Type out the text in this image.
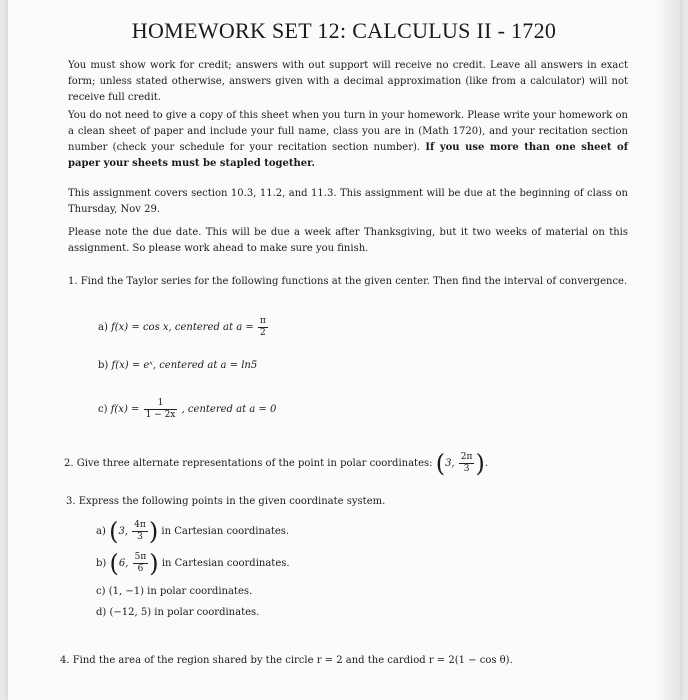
HOMEWORK SET 12: CALCULUS II - 1720

You must show work for credit; answers with out support will receive no credit. Leave all answers in exact form; unless stated otherwise, answers given with a decimal approximation (like from a calculator) will not receive full credit.

You do not need to give a copy of this sheet when you turn in your homework. Please write your homework on a clean sheet of paper and include your full name, class you are in (Math 1720), and your recitation section number (check your schedule for your recitation section number). If you use more than one sheet of paper your sheets must be stapled together.

This assignment covers section 10.3, 11.2, and 11.3. This assignment will be due at the beginning of class on Thursday, Nov 29.

Please note the due date. This will be due a week after Thanksgiving, but it two weeks of material on this assignment. So please work ahead to make sure you finish.

1. Find the Taylor series for the following functions at the given center. Then find the interval of convergence.

a) f(x) = cos x, centered at $a = \frac{\pi}{2}$
b) f(x) = eˣ, centered at a = ln5
c) $f(x) = \frac{1}{1 - 2x}$ , centered at a = 0
2. Give three alternate representations of the point in polar coordinates: (3, $\frac{2\pi}{3}$ ).
3. Express the following points in the given coordinate system.
a) (3, $\frac{4\pi}{3}$ ) in Cartesian coordinates.
b) (6, $\frac{5\pi}{6}$ ) in Cartesian coordinates.
c) (1, −1) in polar coordinates.
d) (−12, 5) in polar coordinates.
4. Find the area of the region shared by the circle r = 2 and the cardiod r = 2(1 − cos θ).
